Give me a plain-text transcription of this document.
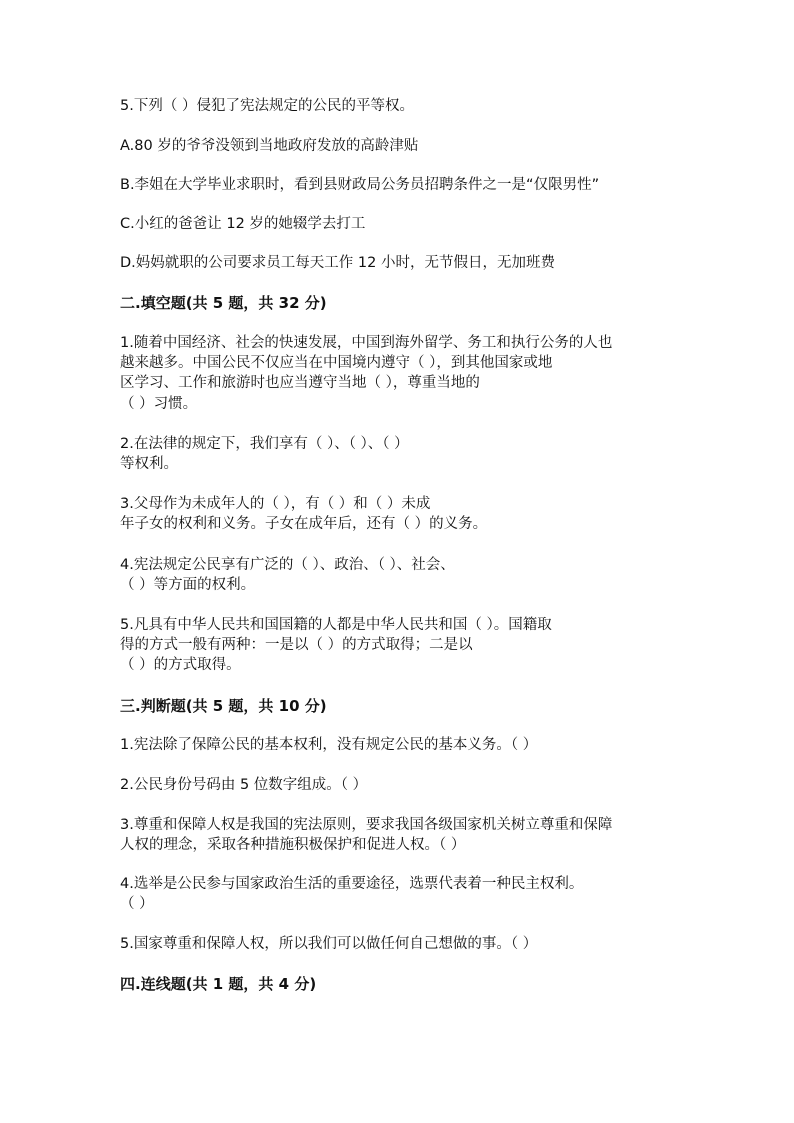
5.下列（ ）侵犯了宪法规定的公民的平等权。
A.80 岁的爷爷没领到当地政府发放的高龄津贴
B.李姐在大学毕业求职时，看到县财政局公务员招聘条件之一是“仅限男性”
C.小红的爸爸让 12 岁的她辍学去打工
D.妈妈就职的公司要求员工每天工作 12 小时，无节假日，无加班费
二.填空题(共 5 题，共 32 分)
1.随着中国经济、社会的快速发展，中国到海外留学、务工和执行公务的人也
越来越多。中国公民不仅应当在中国境内遵守（ ），到其他国家或地
区学习、工作和旅游时也应当遵守当地（ ），尊重当地的
（ ）习惯。
2.在法律的规定下，我们享有（ ）、（ ）、（ ）
等权利。
3.父母作为未成年人的（ ），有（ ）和（ ）未成
年子女的权利和义务。子女在成年后，还有（ ）的义务。
4.宪法规定公民享有广泛的（ ）、政治、（ ）、社会、
（ ）等方面的权利。
5.凡具有中华人民共和国国籍的人都是中华人民共和国（ ）。国籍取
得的方式一般有两种：一是以（ ）的方式取得；二是以
（ ）的方式取得。
三.判断题(共 5 题，共 10 分)
1.宪法除了保障公民的基本权利，没有规定公民的基本义务。（ ）
2.公民身份号码由 5 位数字组成。（ ）
3.尊重和保障人权是我国的宪法原则，要求我国各级国家机关树立尊重和保障
人权的理念，采取各种措施积极保护和促进人权。（ ）
4.选举是公民参与国家政治生活的重要途径，选票代表着一种民主权利。
（ ）
5.国家尊重和保障人权，所以我们可以做任何自己想做的事。（ ）
四.连线题(共 1 题，共 4 分)
